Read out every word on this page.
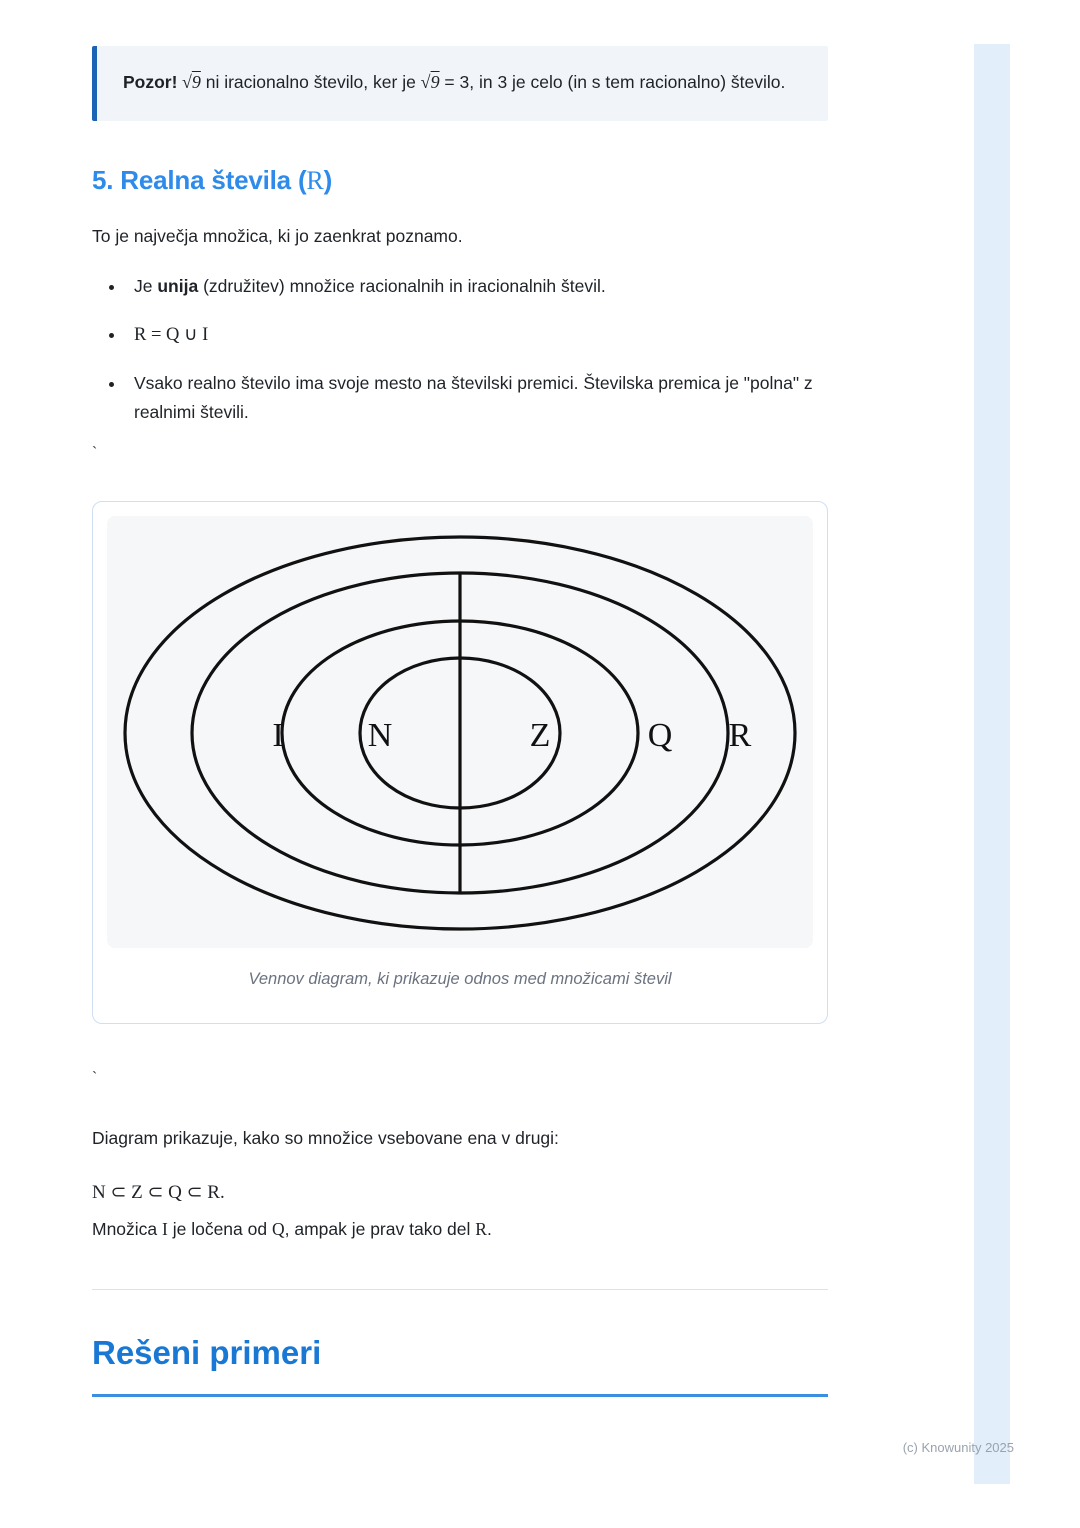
Pozor! √9 ni iracionalno število, ker je √9 = 3, in 3 je celo (in s tem racionalno) število.

5. Realna števila (R)

To je največja množica, ki jo zaenkrat poznamo.

• Je unija (združitev) množice racionalnih in iracionalnih števil.
• R = Q ∪ I
• Vsako realno število ima svoje mesto na številski premici. Številska premica je "polna" z realnimi števili.

`

I N	Z	Q R
Vennov diagram, ki prikazuje odnos med množicami števil

`

Diagram prikazuje, kako so množice vsebovane ena v drugi:

N ⊂ Z ⊂ Q ⊂ R.

Množica I je ločena od Q, ampak je prav tako del R.

Rešeni primeri
(c) Knowunity 2025
